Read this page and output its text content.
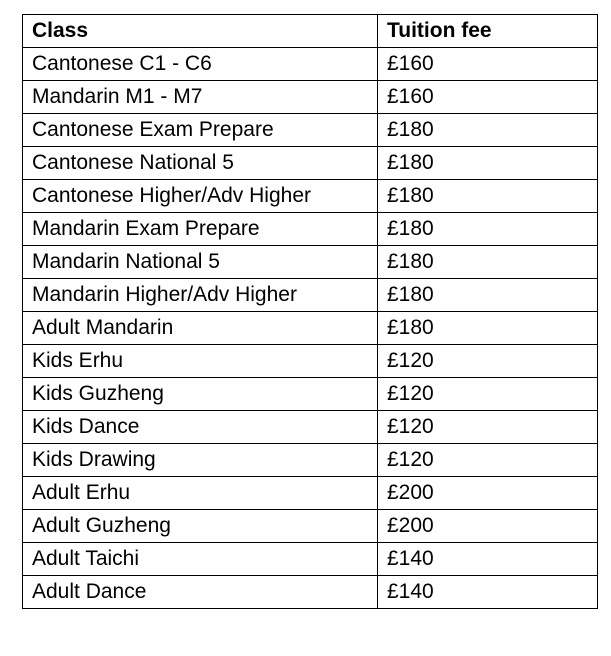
Class	Tuition fee
Cantonese C1 - C6	£160
Mandarin M1 - M7	£160
Cantonese Exam Prepare	£180
Cantonese National 5	£180
Cantonese Higher/Adv Higher	£180
Mandarin Exam Prepare	£180
Mandarin National 5	£180
Mandarin Higher/Adv Higher	£180
Adult Mandarin	£180
Kids Erhu	£120
Kids Guzheng	£120
Kids Dance	£120
Kids Drawing	£120
Adult Erhu	£200
Adult Guzheng	£200
Adult Taichi	£140
Adult Dance	£140
